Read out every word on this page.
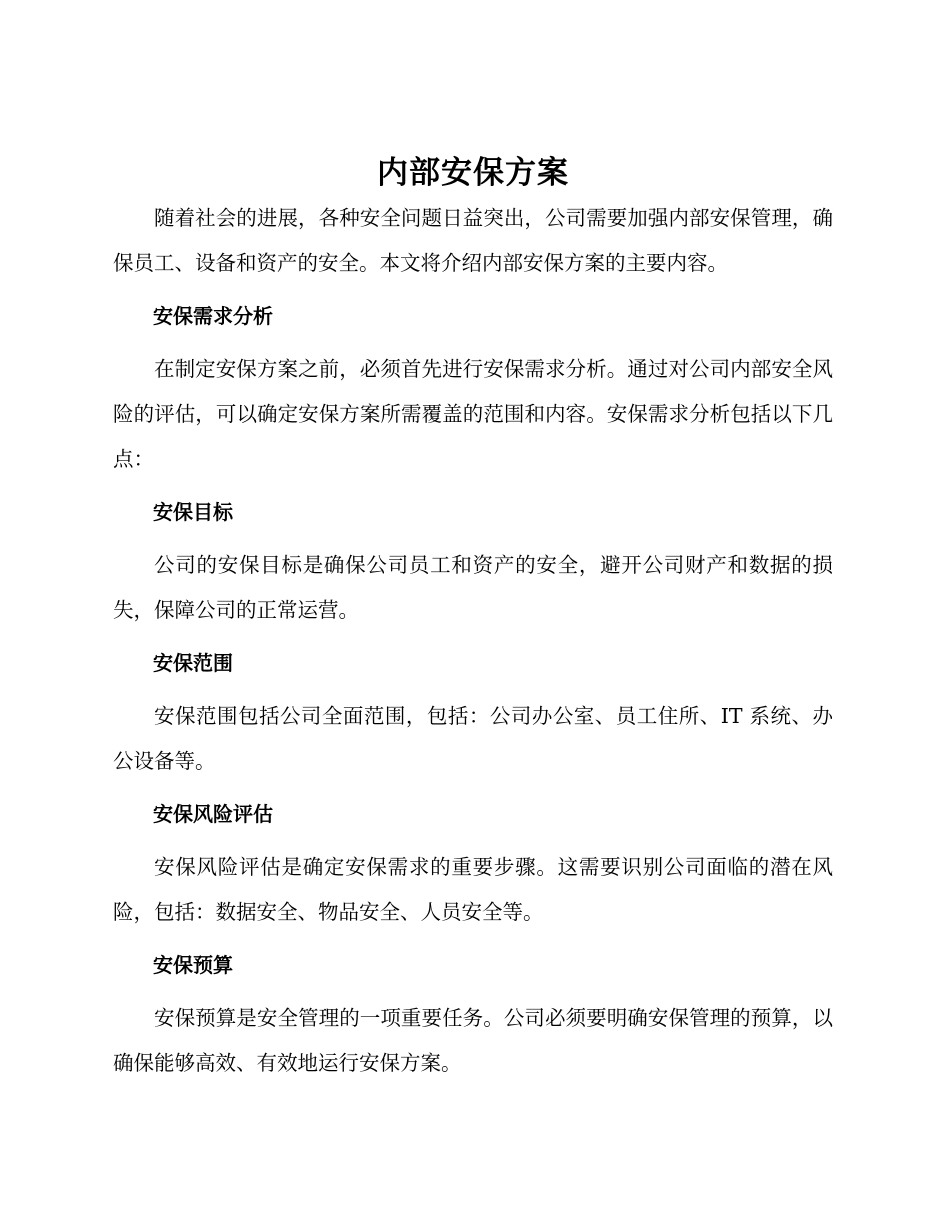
内部安保方案

随着社会的进展，各种安全问题日益突出，公司需要加强内部安保管理，确保员工、设备和资产的安全。本文将介绍内部安保方案的主要内容。

安保需求分析

在制定安保方案之前，必须首先进行安保需求分析。通过对公司内部安全风险的评估，可以确定安保方案所需覆盖的范围和内容。安保需求分析包括以下几点：

安保目标

公司的安保目标是确保公司员工和资产的安全，避开公司财产和数据的损失，保障公司的正常运营。

安保范围

安保范围包括公司全面范围，包括：公司办公室、员工住所、IT 系统、办公设备等。

安保风险评估

安保风险评估是确定安保需求的重要步骤。这需要识别公司面临的潜在风险，包括：数据安全、物品安全、人员安全等。

安保预算

安保预算是安全管理的一项重要任务。公司必须要明确安保管理的预算，以确保能够高效、有效地运行安保方案。
